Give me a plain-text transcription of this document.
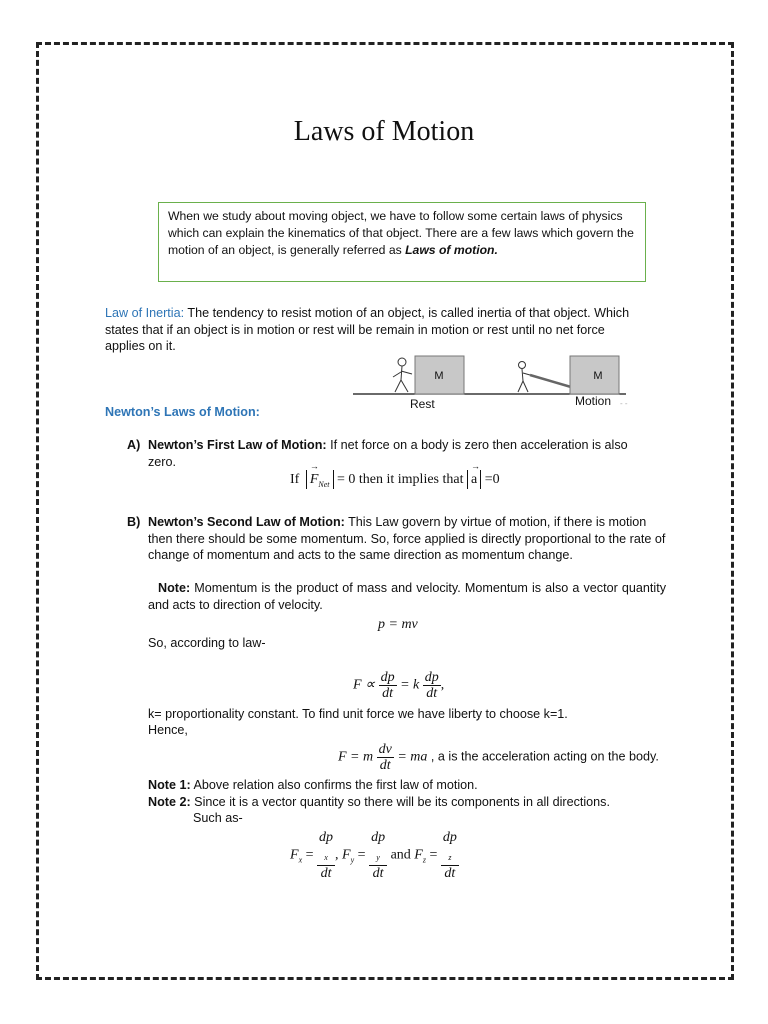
Laws of Motion
When we study about moving object, we have to follow some certain laws of physics which can explain the kinematics of that object. There are a few laws which govern the motion of an object, is generally referred as Laws of motion.
Law of Inertia: The tendency to resist motion of an object, is called inertia of that object. Which states that if an object is in motion or rest will be remain in motion or rest until no net force applies on it.
M	M
Rest	Motion - -
Newton’s Laws of Motion:
A) Newton’s First Law of Motion: If net force on a body is zero then acceleration is also zero.
If
→
$F_{Net} = 0$ then it implies that
→
a =0
B) Newton’s Second Law of Motion: This Law govern by virtue of motion, if there is motion then there should be some momentum. So, force applied is directly proportional to the rate of change of momentum and acts to the same direction as momentum change.
Note: Momentum is the product of mass and velocity. Momentum is also a vector quantity and acts to direction of velocity.
p = mv
So, according to law-
$F \propto \frac{dp}{dt} = k \frac{dp}{dt}$ ,
k= proportionality constant. To find unit force we have liberty to choose k=1.
Hence,
F = m $\frac{dv}{dt}$ = ma , a is the acceleration acting on the body.
Note 1: Above relation also confirms the first law of motion.
Note 2: Since it is a vector quantity so there will be its components in all directions.
Such as-
$F_x$ = dp
$_x$
dt , $F_y$ = dp
$_y$
dt and $F_z$ = dp
$_z$
dt
